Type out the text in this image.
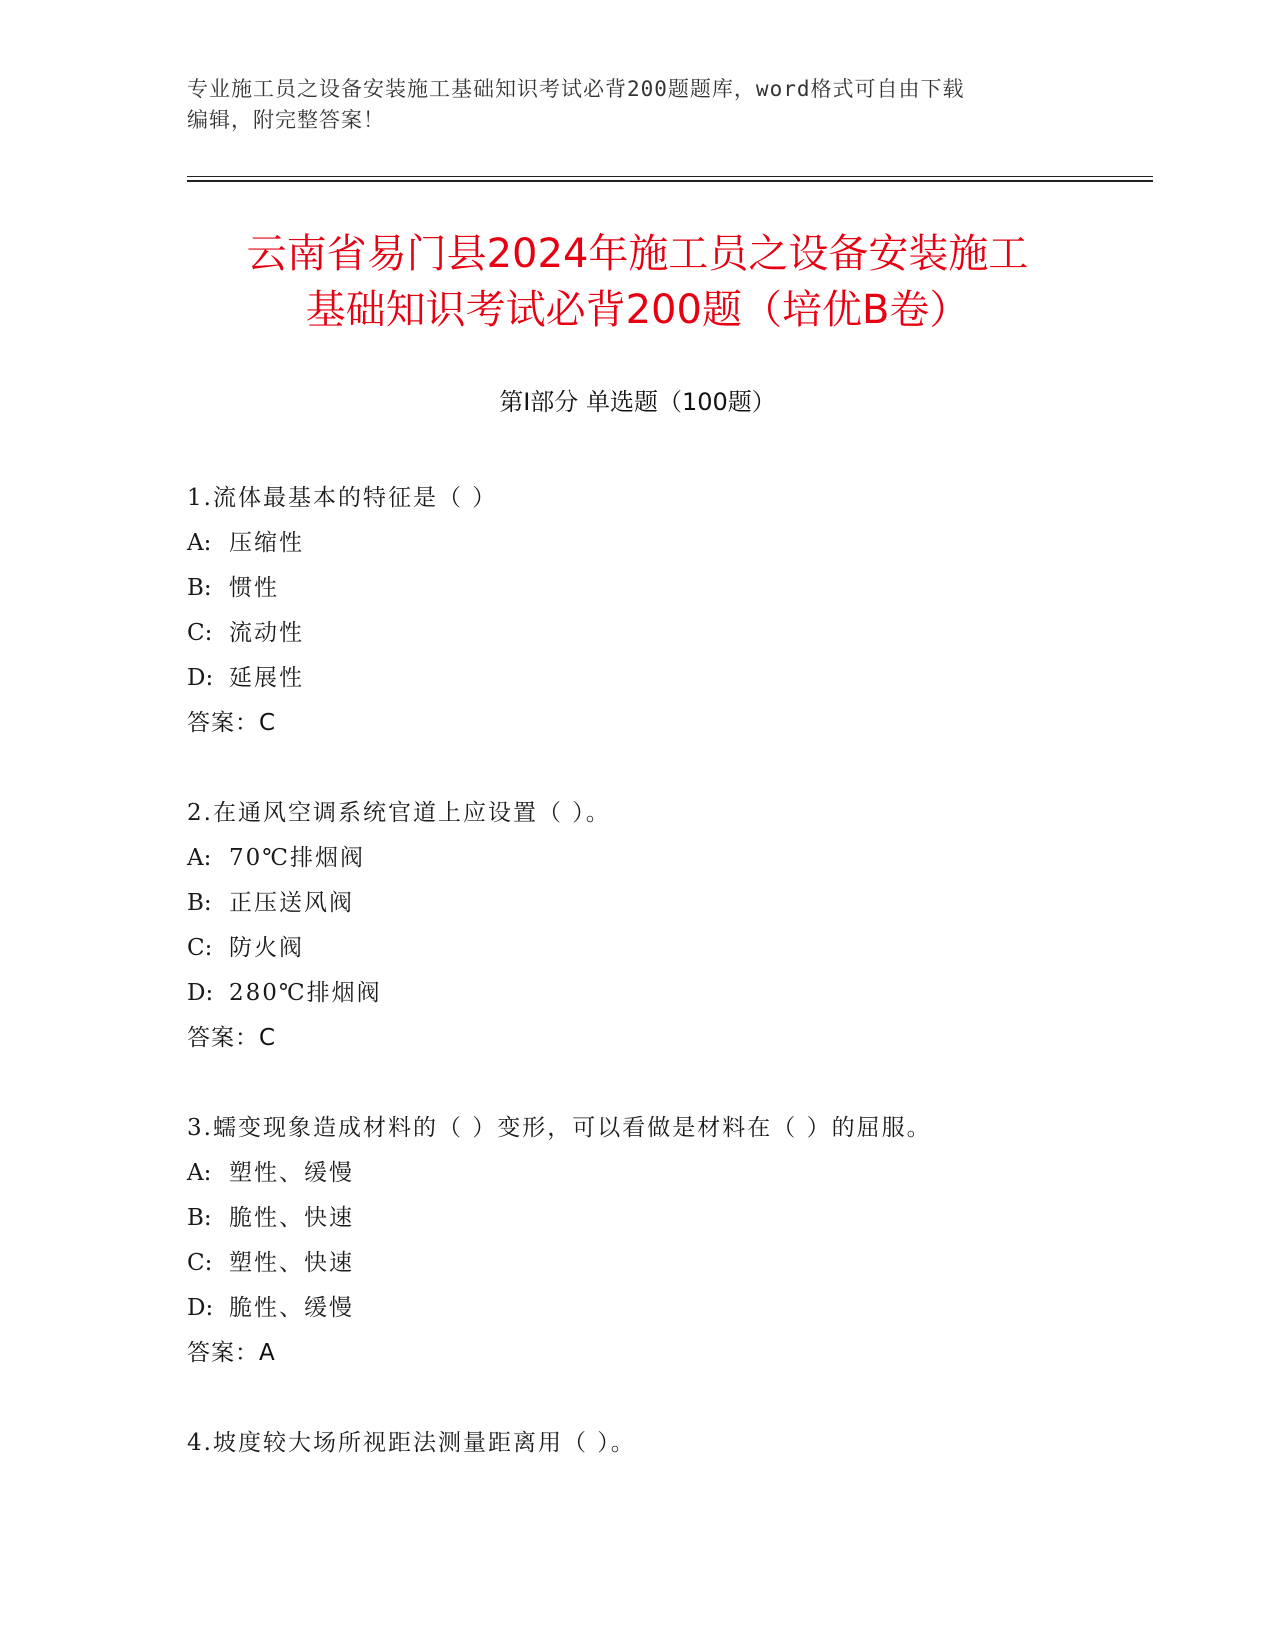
专业施工员之设备安装施工基础知识考试必背200题题库，word格式可自由下载
编辑，附完整答案！
云南省易门县2024年施工员之设备安装施工
基础知识考试必背200题（培优B卷）
第Ⅰ部分 单选题（100题）
1.流体最基本的特征是（ ）
A: 压缩性
B: 惯性
C: 流动性
D: 延展性
答案：C
2.在通风空调系统官道上应设置（ ）。
A: 70℃排烟阀
B: 正压送风阀
C: 防火阀
D: 280℃排烟阀
答案：C
3.蠕变现象造成材料的（ ）变形，可以看做是材料在（ ）的屈服。
A: 塑性、缓慢
B: 脆性、快速
C: 塑性、快速
D: 脆性、缓慢
答案：A
4.坡度较大场所视距法测量距离用（ ）。
